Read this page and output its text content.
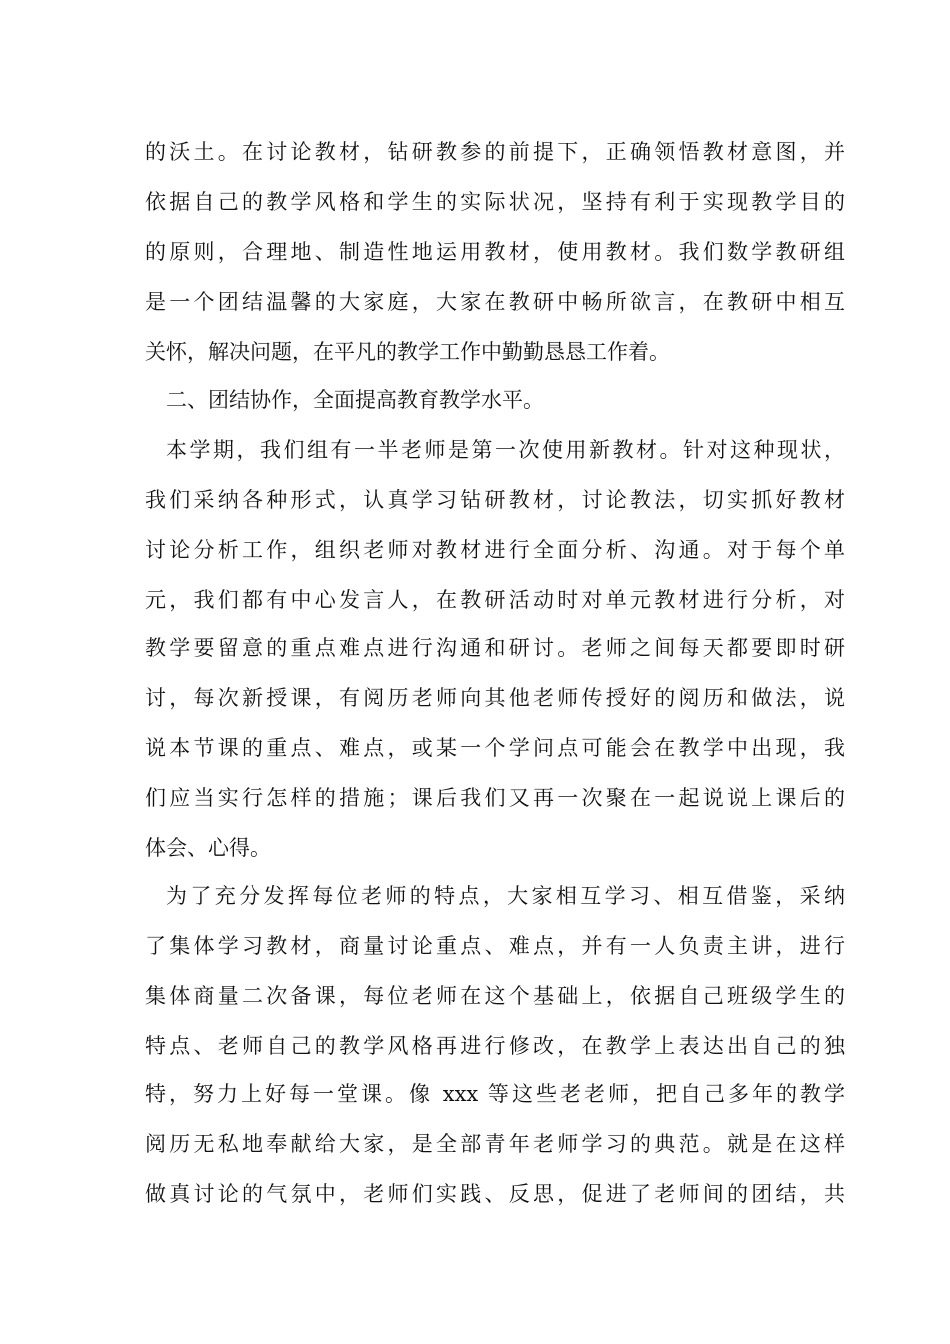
的沃土。在讨论教材，钻研教参的前提下，正确领悟教材意图，并
依据自己的教学风格和学生的实际状况，坚持有利于实现教学目的
的原则，合理地、制造性地运用教材，使用教材。我们数学教研组
是一个团结温馨的大家庭，大家在教研中畅所欲言，在教研中相互
关怀，解决问题，在平凡的教学工作中勤勤恳恳工作着。
二、团结协作，全面提高教育教学水平。
本学期，我们组有一半老师是第一次使用新教材。针对这种现状，
我们采纳各种形式，认真学习钻研教材，讨论教法，切实抓好教材
讨论分析工作，组织老师对教材进行全面分析、沟通。对于每个单
元，我们都有中心发言人，在教研活动时对单元教材进行分析，对
教学要留意的重点难点进行沟通和研讨。老师之间每天都要即时研
讨，每次新授课，有阅历老师向其他老师传授好的阅历和做法，说
说本节课的重点、难点，或某一个学问点可能会在教学中出现，我
们应当实行怎样的措施；课后我们又再一次聚在一起说说上课后的
体会、心得。
为了充分发挥每位老师的特点，大家相互学习、相互借鉴，采纳
了集体学习教材，商量讨论重点、难点，并有一人负责主讲，进行
集体商量二次备课，每位老师在这个基础上，依据自己班级学生的
特点、老师自己的教学风格再进行修改，在教学上表达出自己的独
特，努力上好每一堂课。像 xxx 等这些老老师，把自己多年的教学
阅历无私地奉献给大家，是全部青年老师学习的典范。就是在这样
做真讨论的气氛中，老师们实践、反思，促进了老师间的团结，共
